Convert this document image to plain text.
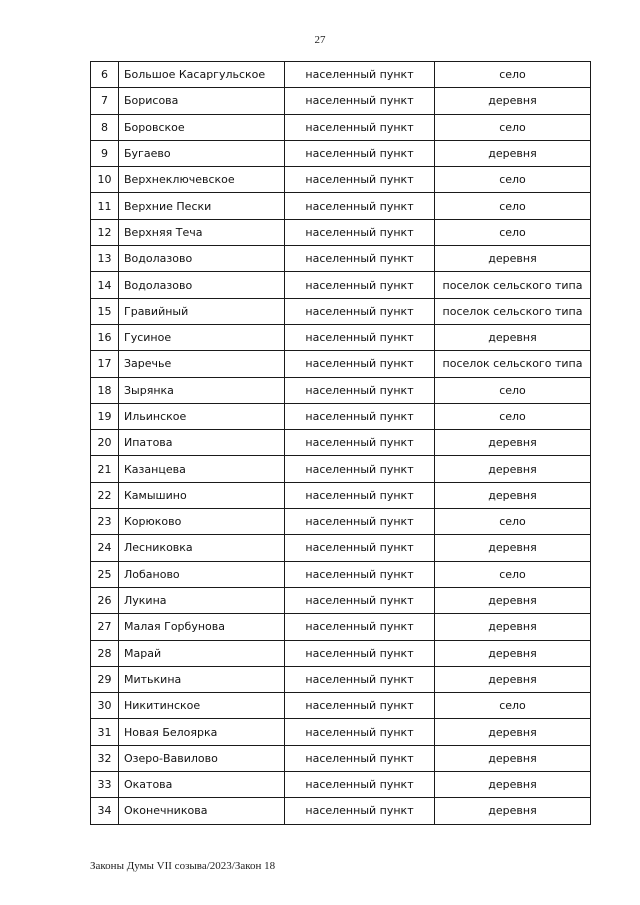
27
6	Большое Касаргульское	населенный пункт	село
7	Борисова	населенный пункт	деревня
8	Боровское	населенный пункт	село
9	Бугаево	населенный пункт	деревня
10	Верхнеключевское	населенный пункт	село
11	Верхние Пески	населенный пункт	село
12	Верхняя Теча	населенный пункт	село
13	Водолазово	населенный пункт	деревня
14	Водолазово	населенный пункт	поселок сельского типа
15	Гравийный	населенный пункт	поселок сельского типа
16	Гусиное	населенный пункт	деревня
17	Заречье	населенный пункт	поселок сельского типа
18	Зырянка	населенный пункт	село
19	Ильинское	населенный пункт	село
20	Ипатова	населенный пункт	деревня
21	Казанцева	населенный пункт	деревня
22	Камышино	населенный пункт	деревня
23	Корюково	населенный пункт	село
24	Лесниковка	населенный пункт	деревня
25	Лобаново	населенный пункт	село
26	Лукина	населенный пункт	деревня
27	Малая Горбунова	населенный пункт	деревня
28	Марай	населенный пункт	деревня
29	Митькина	населенный пункт	деревня
30	Никитинское	населенный пункт	село
31	Новая Белоярка	населенный пункт	деревня
32	Озеро-Вавилово	населенный пункт	деревня
33	Окатова	населенный пункт	деревня
34	Оконечникова	населенный пункт	деревня
Законы Думы VII созыва/2023/Закон 18
